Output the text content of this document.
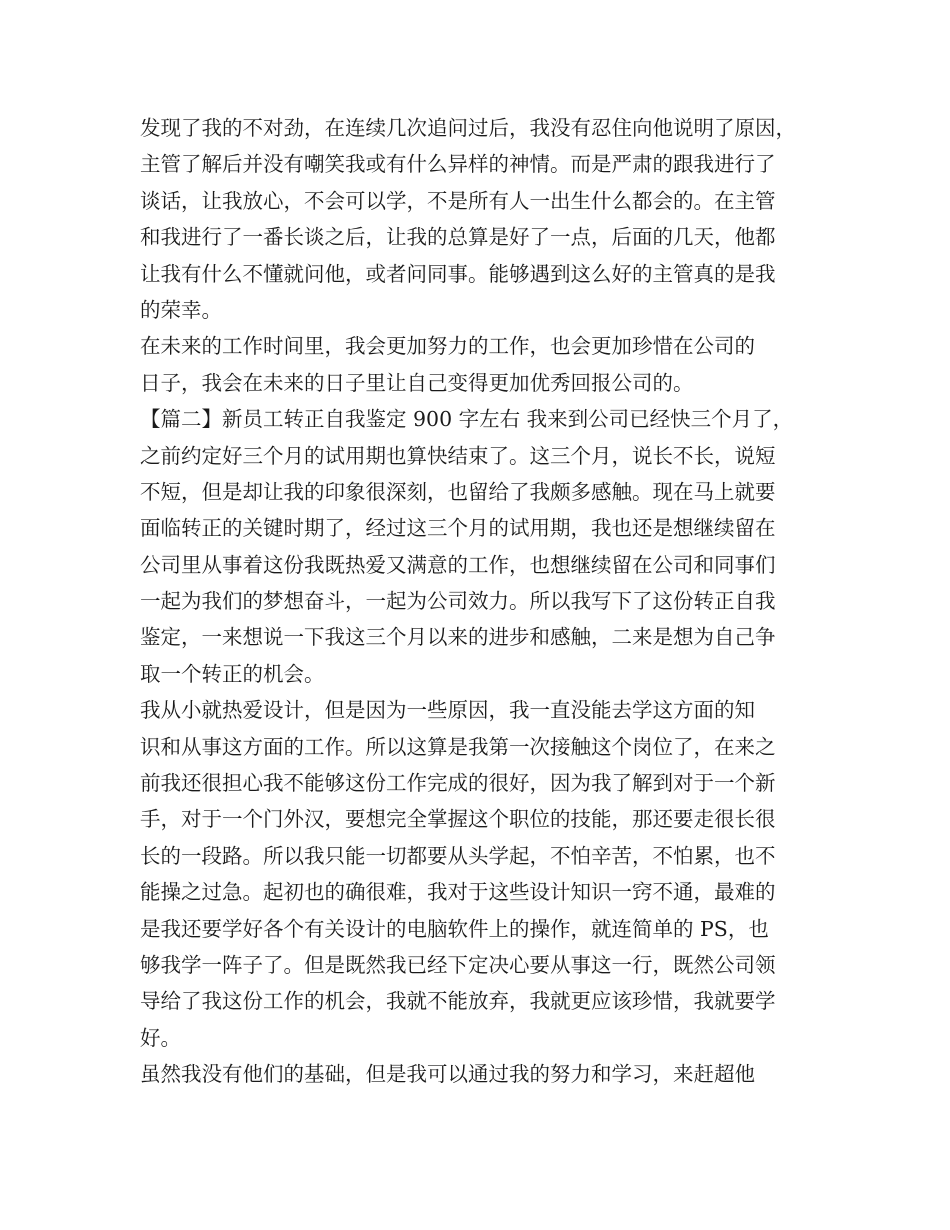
发现了我的不对劲，在连续几次追问过后，我没有忍住向他说明了原因，
主管了解后并没有嘲笑我或有什么异样的神情。而是严肃的跟我进行了
谈话，让我放心，不会可以学，不是所有人一出生什么都会的。在主管
和我进行了一番长谈之后，让我的总算是好了一点，后面的几天，他都
让我有什么不懂就问他，或者问同事。能够遇到这么好的主管真的是我
的荣幸。
在未来的工作时间里，我会更加努力的工作，也会更加珍惜在公司的
日子，我会在未来的日子里让自己变得更加优秀回报公司的。
【篇二】新员工转正自我鉴定 900 字左右 我来到公司已经快三个月了，
之前约定好三个月的试用期也算快结束了。这三个月，说长不长，说短
不短，但是却让我的印象很深刻，也留给了我颇多感触。现在马上就要
面临转正的关键时期了，经过这三个月的试用期，我也还是想继续留在
公司里从事着这份我既热爱又满意的工作，也想继续留在公司和同事们
一起为我们的梦想奋斗，一起为公司效力。所以我写下了这份转正自我
鉴定，一来想说一下我这三个月以来的进步和感触，二来是想为自己争
取一个转正的机会。
我从小就热爱设计，但是因为一些原因，我一直没能去学这方面的知
识和从事这方面的工作。所以这算是我第一次接触这个岗位了，在来之
前我还很担心我不能够这份工作完成的很好，因为我了解到对于一个新
手，对于一个门外汉，要想完全掌握这个职位的技能，那还要走很长很
长的一段路。所以我只能一切都要从头学起，不怕辛苦，不怕累，也不
能操之过急。起初也的确很难，我对于这些设计知识一窍不通，最难的
是我还要学好各个有关设计的电脑软件上的操作，就连简单的 PS，也
够我学一阵子了。但是既然我已经下定决心要从事这一行，既然公司领
导给了我这份工作的机会，我就不能放弃，我就更应该珍惜，我就要学
好。
虽然我没有他们的基础，但是我可以通过我的努力和学习，来赶超他
